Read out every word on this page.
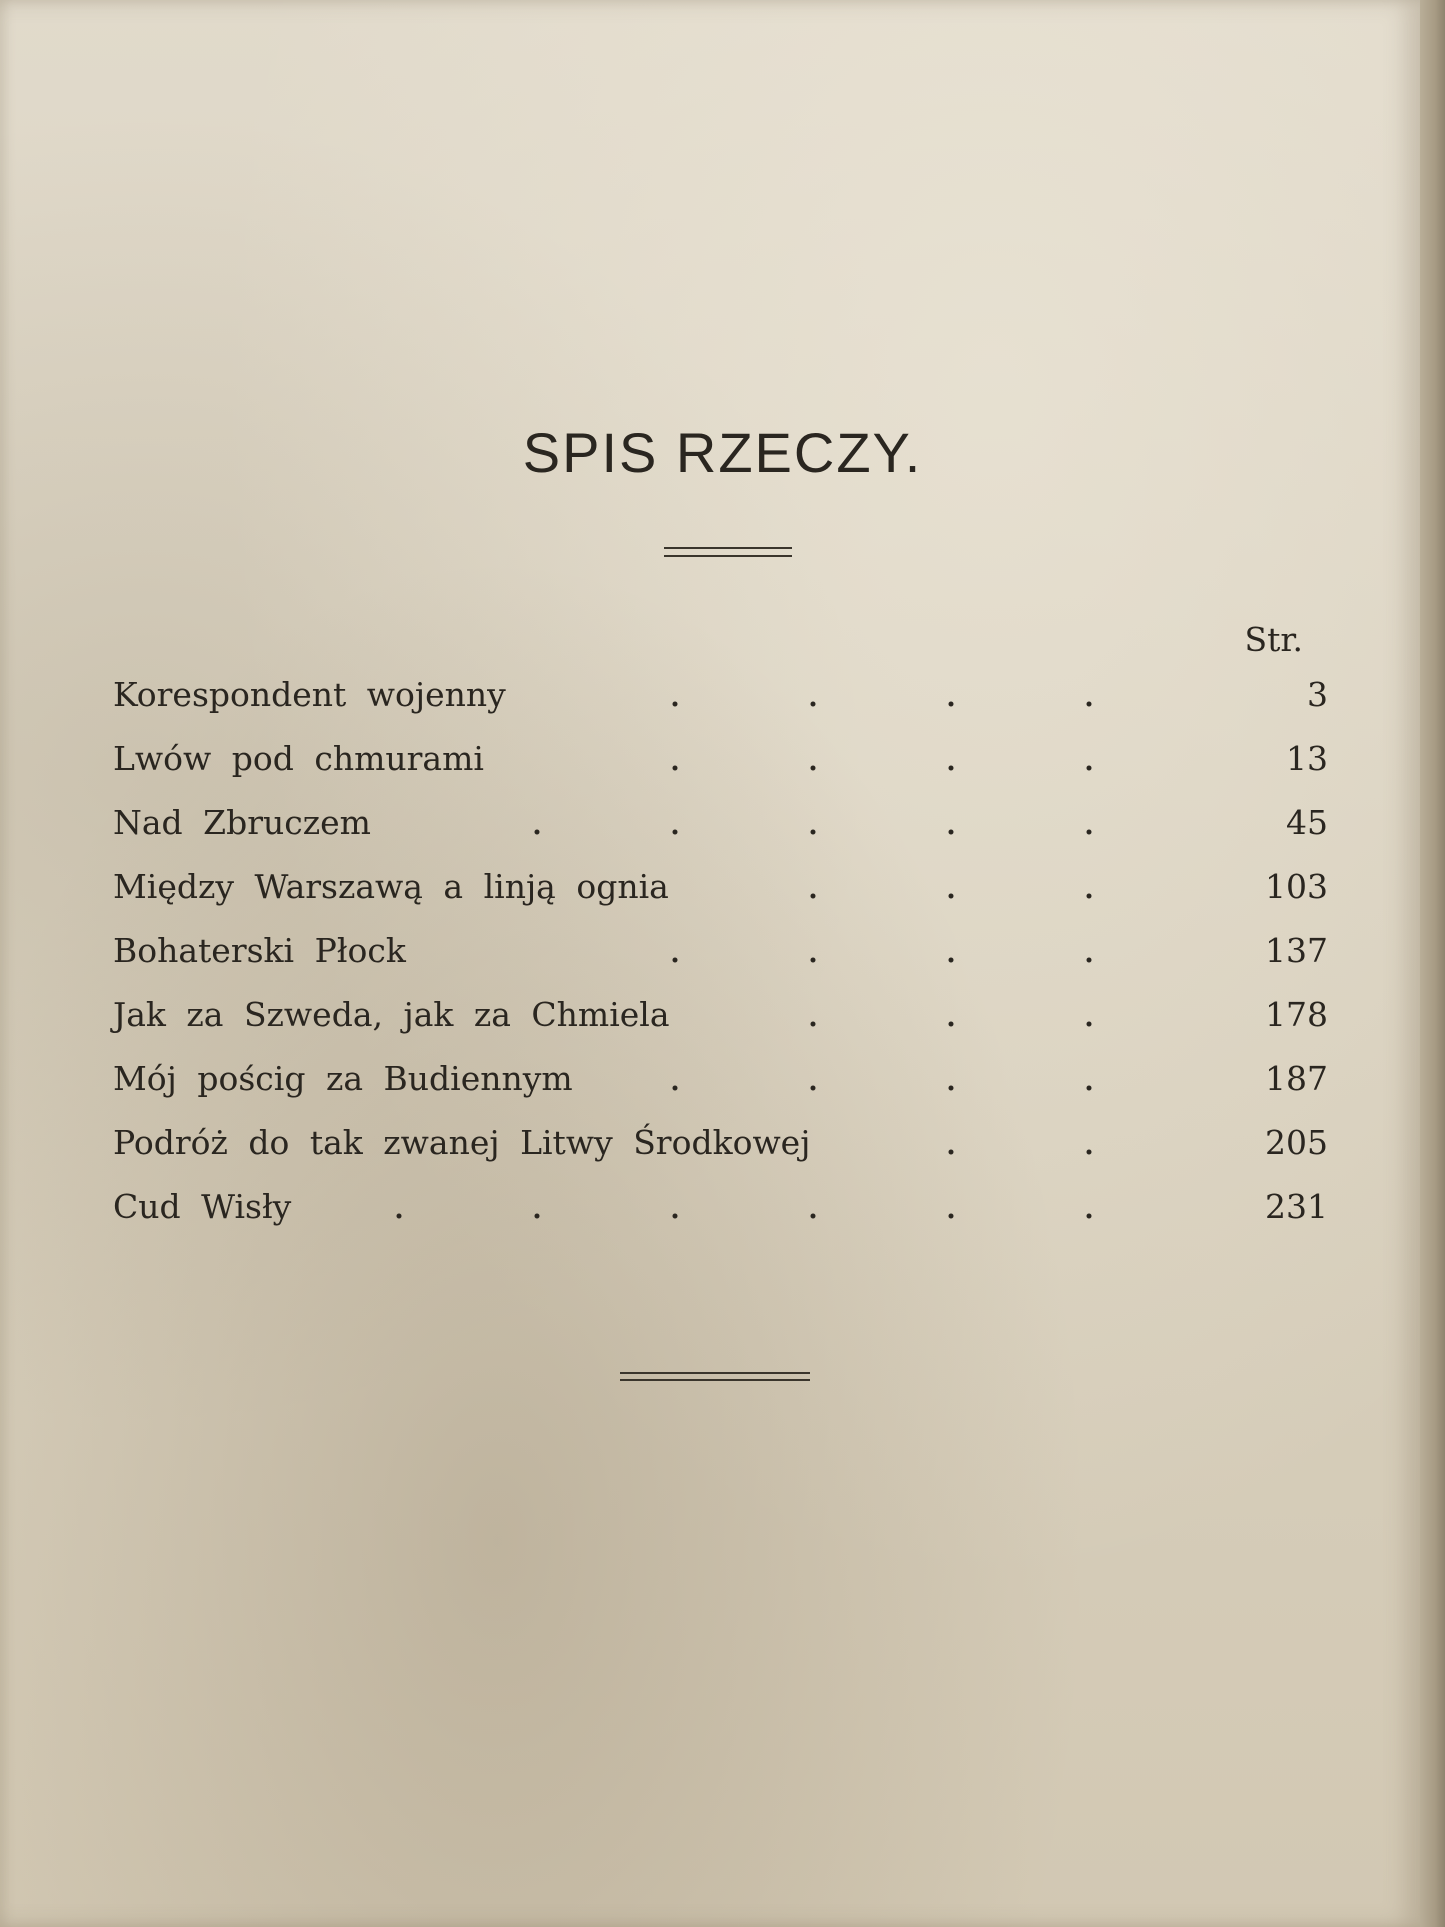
SPIS RZECZY.
Str.
Korespondent wojenny	3
Lwów pod chmurami	13
Nad Zbruczem	45
Między Warszawą a linją ognia	103
Bohaterski Płock	137
Jak za Szweda, jak za Chmiela	178
Mój pościg za Budiennym	187
Podróż do tak zwanej Litwy Środkowej	205
Cud Wisły	231
